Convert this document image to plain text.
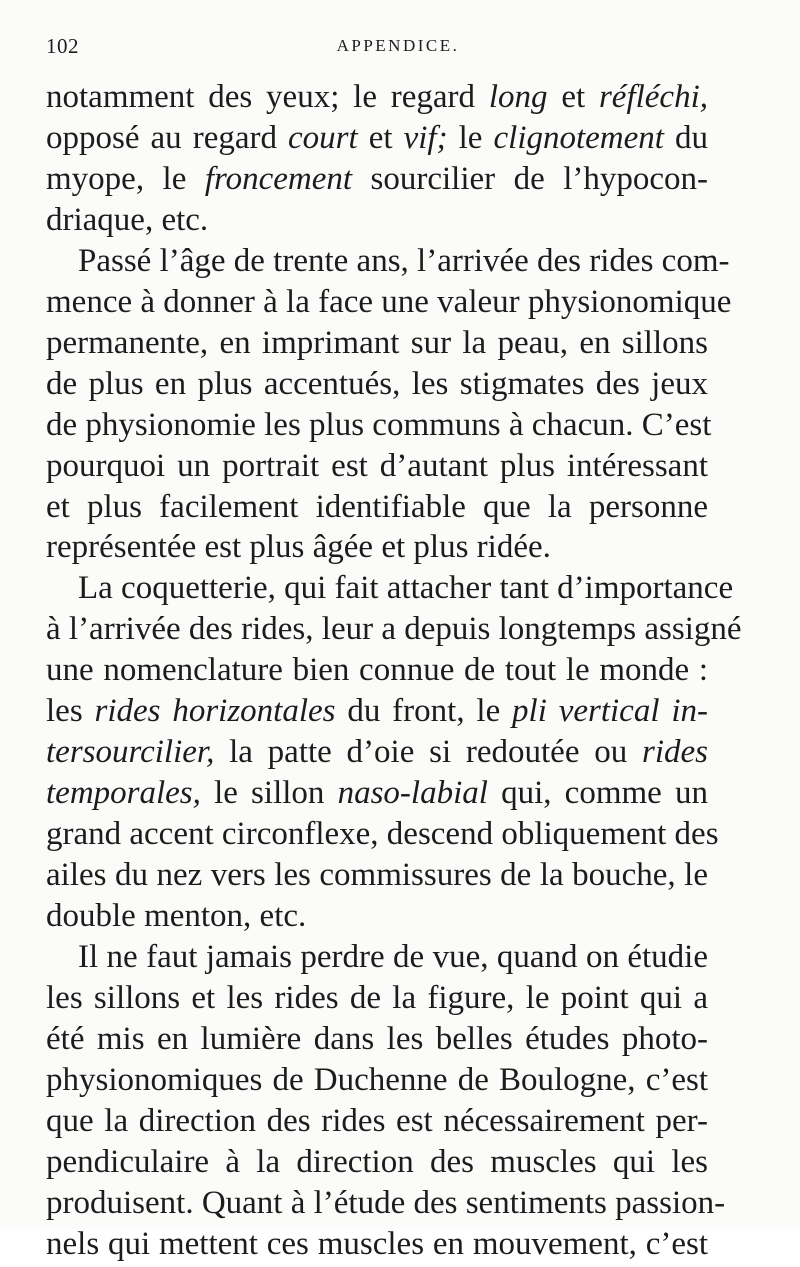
102	APPENDICE.
notamment des yeux; le regard long et réfléchi,
opposé au regard court et vif; le clignotement du
myope, le froncement sourcilier de l’hypocon-
driaque, etc.
Passé l’âge de trente ans, l’arrivée des rides com-
mence à donner à la face une valeur physionomique
permanente, en imprimant sur la peau, en sillons
de plus en plus accentués, les stigmates des jeux
de physionomie les plus communs à chacun. C’est
pourquoi un portrait est d’autant plus intéressant
et plus facilement identifiable que la personne
représentée est plus âgée et plus ridée.
La coquetterie, qui fait attacher tant d’importance
à l’arrivée des rides, leur a depuis longtemps assigné
une nomenclature bien connue de tout le monde :
les rides horizontales du front, le pli vertical in-
tersourcilier, la patte d’oie si redoutée ou rides
temporales, le sillon naso-labial qui, comme un
grand accent circonflexe, descend obliquement des
ailes du nez vers les commissures de la bouche, le
double menton, etc.
Il ne faut jamais perdre de vue, quand on étudie
les sillons et les rides de la figure, le point qui a
été mis en lumière dans les belles études photo-
physionomiques de Duchenne de Boulogne, c’est
que la direction des rides est nécessairement per-
pendiculaire à la direction des muscles qui les
produisent. Quant à l’étude des sentiments passion-
nels qui mettent ces muscles en mouvement, c’est
